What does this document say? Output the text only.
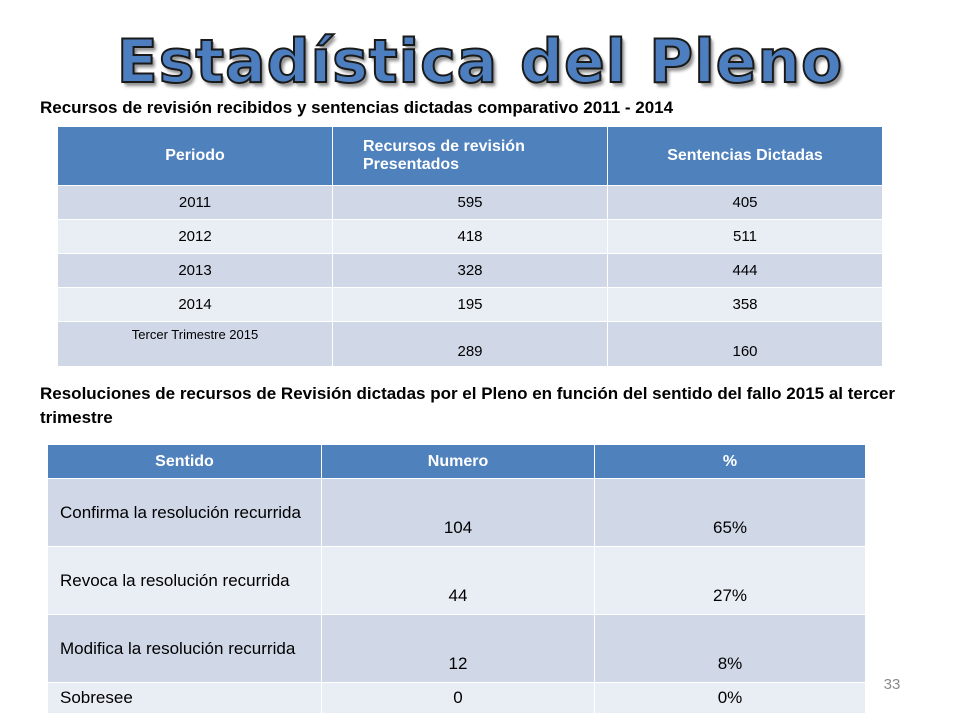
Estadística del Pleno

Recursos de revisión recibidos y sentencias dictadas comparativo 2011 - 2014

Periodo	Recursos de revisión Presentados	Sentencias Dictadas
2011	595	405
2012	418	511
2013	328	444
2014	195	358
Tercer Trimestre 2015	289	160

Resoluciones de recursos de Revisión dictadas por el Pleno en función del sentido del fallo 2015 al tercer trimestre

Sentido	Numero	%
Confirma la resolución recurrida	104	65%
Revoca la resolución recurrida	44	27%
Modifica la resolución recurrida	12	8%
Sobresee	0	0%
33
